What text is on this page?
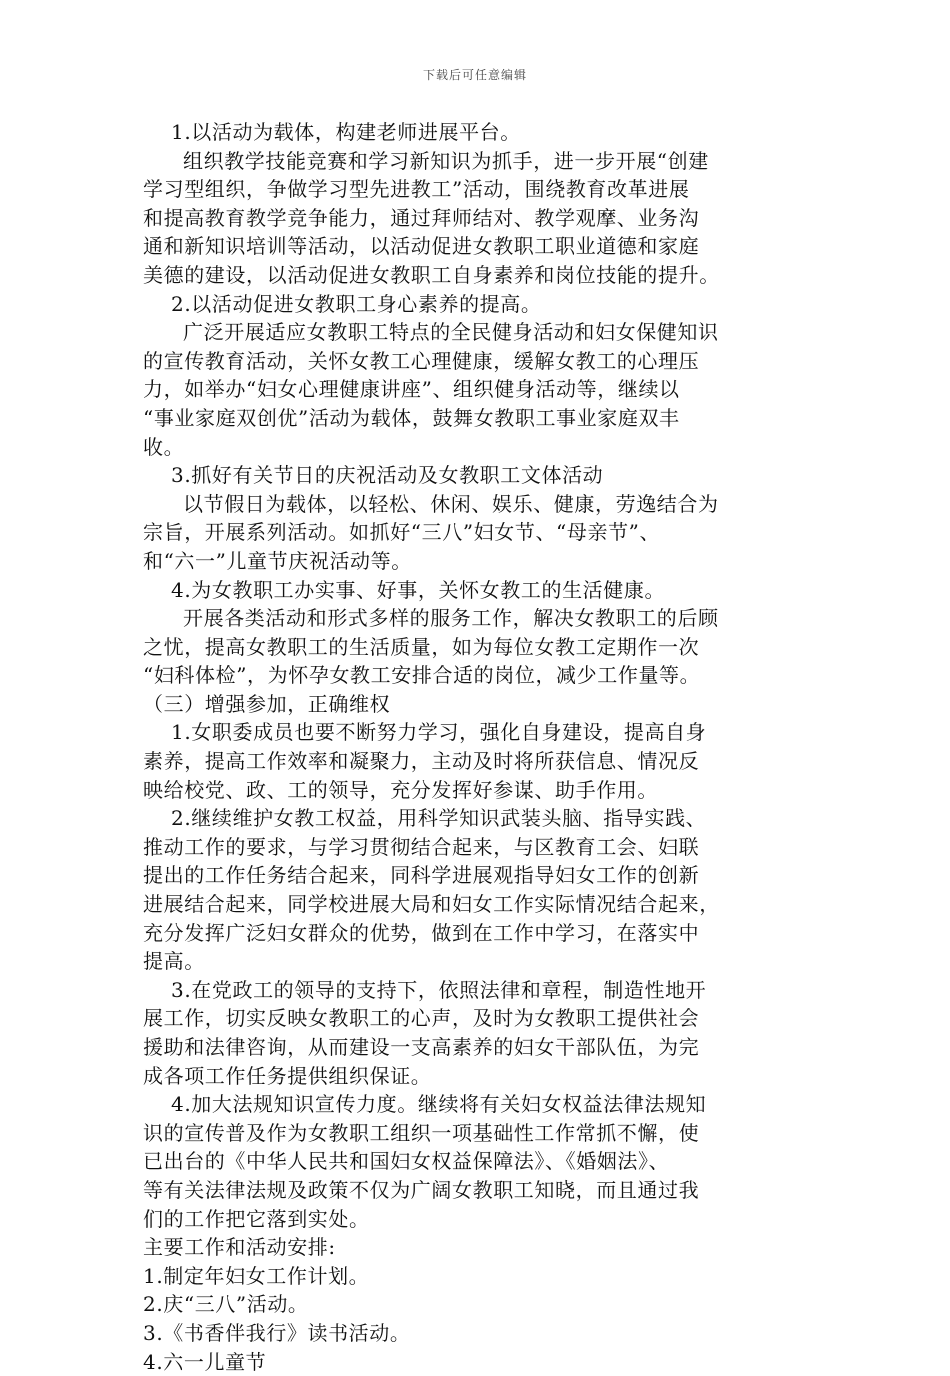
下载后可任意编辑
1.以活动为载体，构建老师进展平台。
组织教学技能竞赛和学习新知识为抓手，进一步开展“创建
学习型组织，争做学习型先进教工”活动，围绕教育改革进展
和提高教育教学竞争能力，通过拜师结对、教学观摩、业务沟
通和新知识培训等活动，以活动促进女教职工职业道德和家庭
美德的建设，以活动促进女教职工自身素养和岗位技能的提升。
2.以活动促进女教职工身心素养的提高。
广泛开展适应女教职工特点的全民健身活动和妇女保健知识
的宣传教育活动，关怀女教工心理健康，缓解女教工的心理压
力，如举办“妇女心理健康讲座”、组织健身活动等，继续以
“事业家庭双创优”活动为载体，鼓舞女教职工事业家庭双丰
收。
3.抓好有关节日的庆祝活动及女教职工文体活动
以节假日为载体，以轻松、休闲、娱乐、健康，劳逸结合为
宗旨，开展系列活动。如抓好“三八”妇女节、“母亲节”、
和“六一”儿童节庆祝活动等。
4.为女教职工办实事、好事，关怀女教工的生活健康。
开展各类活动和形式多样的服务工作，解决女教职工的后顾
之忧，提高女教职工的生活质量，如为每位女教工定期作一次
“妇科体检”，为怀孕女教工安排合适的岗位，减少工作量等。
（三）增强参加，正确维权
1.女职委成员也要不断努力学习，强化自身建设，提高自身
素养，提高工作效率和凝聚力，主动及时将所获信息、情况反
映给校党、政、工的领导，充分发挥好参谋、助手作用。
2.继续维护女教工权益，用科学知识武装头脑、指导实践、
推动工作的要求，与学习贯彻结合起来，与区教育工会、妇联
提出的工作任务结合起来，同科学进展观指导妇女工作的创新
进展结合起来，同学校进展大局和妇女工作实际情况结合起来，
充分发挥广泛妇女群众的优势，做到在工作中学习，在落实中
提高。
3.在党政工的领导的支持下，依照法律和章程，制造性地开
展工作，切实反映女教职工的心声，及时为女教职工提供社会
援助和法律咨询，从而建设一支高素养的妇女干部队伍，为完
成各项工作任务提供组织保证。
4.加大法规知识宣传力度。继续将有关妇女权益法律法规知
识的宣传普及作为女教职工组织一项基础性工作常抓不懈，使
已出台的《中华人民共和国妇女权益保障法》、《婚姻法》、
等有关法律法规及政策不仅为广阔女教职工知晓，而且通过我
们的工作把它落到实处。
主要工作和活动安排:
1.制定年妇女工作计划。
2.庆“三八”活动。
3.《书香伴我行》读书活动。
4.六一儿童节
